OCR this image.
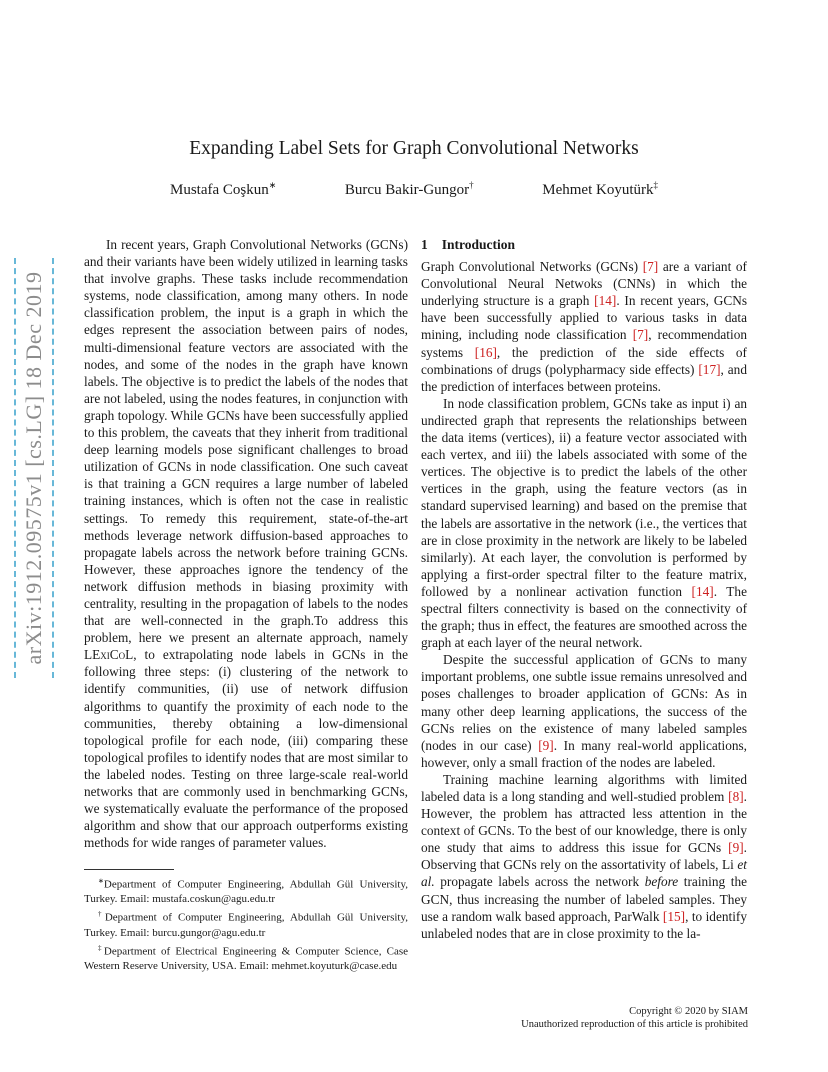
arXiv:1912.09575v1 [cs.LG] 18 Dec 2019
Expanding Label Sets for Graph Convolutional Networks
Mustafa Coşkun∗	Burcu Bakir-Gungor†	Mehmet Koyutürk‡

In recent years, Graph Convolutional Networks (GCNs) and their variants have been widely utilized in learning tasks that involve graphs. These tasks include recommendation systems, node classification, among many others. In node classification problem, the input is a graph in which the edges represent the association between pairs of nodes, multi-dimensional feature vectors are associated with the nodes, and some of the nodes in the graph have known labels. The objective is to predict the labels of the nodes that are not labeled, using the nodes features, in conjunction with graph topology. While GCNs have been successfully applied to this problem, the caveats that they inherit from traditional deep learning models pose significant challenges to broad utilization of GCNs in node classification. One such caveat is that training a GCN requires a large number of labeled training instances, which is often not the case in realistic settings. To remedy this requirement, state-of-the-art methods leverage network diffusion-based approaches to propagate labels across the network before training GCNs. However, these approaches ignore the tendency of the network diffusion methods in biasing proximity with centrality, resulting in the propagation of labels to the nodes that are well-connected in the graph.To address this problem, here we present an alternate approach, namely LExiCoL, to extrapolating node labels in GCNs in the following three steps: (i) clustering of the network to identify communities, (ii) use of network diffusion algorithms to quantify the proximity of each node to the communities, thereby obtaining a low-dimensional topological profile for each node, (iii) comparing these topological profiles to identify nodes that are most similar to the labeled nodes. Testing on three large-scale real-world networks that are commonly used in benchmarking GCNs, we systematically evaluate the performance of the proposed algorithm and show that our approach outperforms existing methods for wide ranges of parameter values.

∗Department of Computer Engineering, Abdullah Gül University, Turkey. Email: mustafa.coskun@agu.edu.tr

†Department of Computer Engineering, Abdullah Gül University, Turkey. Email: burcu.gungor@agu.edu.tr

‡Department of Electrical Engineering & Computer Science, Case Western Reserve University, USA. Email: mehmet.koyuturk@case.edu

1 Introduction

Graph Convolutional Networks (GCNs) [7] are a variant of Convolutional Neural Netwoks (CNNs) in which the underlying structure is a graph [14]. In recent years, GCNs have been successfully applied to various tasks in data mining, including node classification [7], recommendation systems [16], the prediction of the side effects of combinations of drugs (polypharmacy side effects) [17], and the prediction of interfaces between proteins.

In node classification problem, GCNs take as input i) an undirected graph that represents the relationships between the data items (vertices), ii) a feature vector associated with each vertex, and iii) the labels associated with some of the vertices. The objective is to predict the labels of the other vertices in the graph, using the feature vectors (as in standard supervised learning) and based on the premise that the labels are assortative in the network (i.e., the vertices that are in close proximity in the network are likely to be labeled similarly). At each layer, the convolution is performed by applying a first-order spectral filter to the feature matrix, followed by a nonlinear activation function [14]. The spectral filters connectivity is based on the connectivity of the graph; thus in effect, the features are smoothed across the graph at each layer of the neural network.

Despite the successful application of GCNs to many important problems, one subtle issue remains unresolved and poses challenges to broader application of GCNs: As in many other deep learning applications, the success of the GCNs relies on the existence of many labeled samples (nodes in our case) [9]. In many real-world applications, however, only a small fraction of the nodes are labeled.

Training machine learning algorithms with limited labeled data is a long standing and well-studied problem [8]. However, the problem has attracted less attention in the context of GCNs. To the best of our knowledge, there is only one study that aims to address this issue for GCNs [9]. Observing that GCNs rely on the assortativity of labels, Li et al. propagate labels across the network before training the GCN, thus increasing the number of labeled samples. They use a random walk based approach, ParWalk [15], to identify unlabeled nodes that are in close proximity to the la-

Copyright © 2020 by SIAM
Unauthorized reproduction of this article is prohibited
